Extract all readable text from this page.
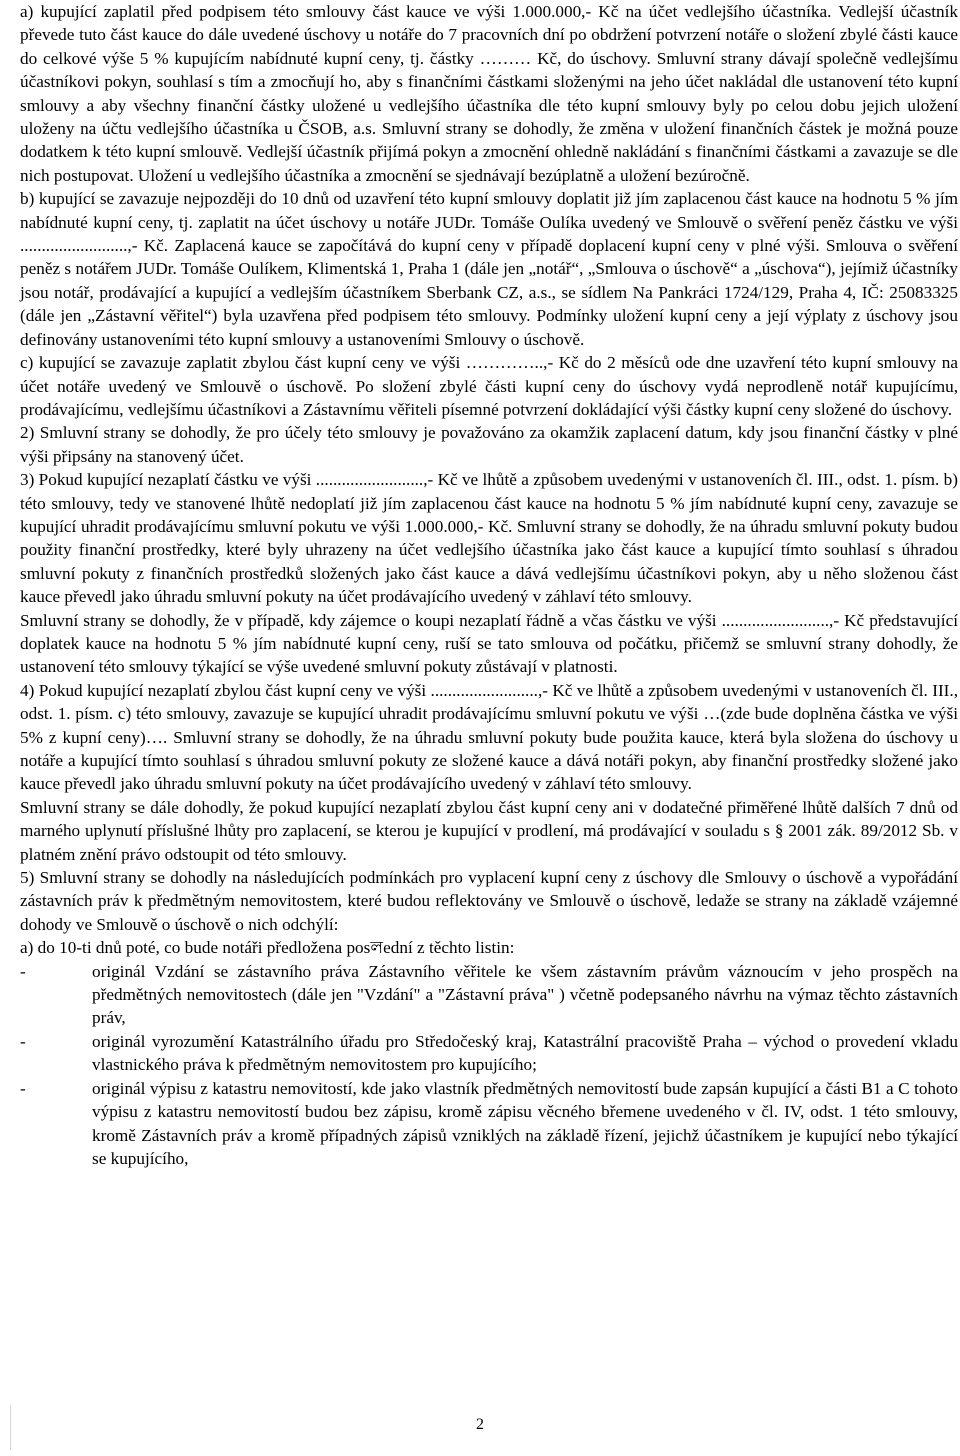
a) kupující zaplatil před podpisem této smlouvy část kauce ve výši 1.000.000,- Kč na účet vedlejšího účastníka. Vedlejší účastník převede tuto část kauce do dále uvedené úschovy u notáře do 7 pracovních dní po obdržení potvrzení notáře o složení zbylé části kauce do celkové výše 5 % kupujícím nabídnuté kupní ceny, tj. částky ……… Kč, do úschovy. Smluvní strany dávají společně vedlejšímu účastníkovi pokyn, souhlasí s tím a zmocňují ho, aby s finančními částkami složenými na jeho účet nakládal dle ustanovení této kupní smlouvy a aby všechny finanční částky uložené u vedlejšího účastníka dle této kupní smlouvy byly po celou dobu jejich uložení uloženy na účtu vedlejšího účastníka u ČSOB, a.s. Smluvní strany se dohodly, že změna v uložení finančních částek je možná pouze dodatkem k této kupní smlouvě. Vedlejší účastník přijímá pokyn a zmocnění ohledně nakládání s finančními částkami a zavazuje se dle nich postupovat. Uložení u vedlejšího účastníka a zmocnění se sjednávají bezúplatně a uložení bezúročně.

b) kupující se zavazuje nejpozději do 10 dnů od uzavření této kupní smlouvy doplatit již jím zaplacenou část kauce na hodnotu 5 % jím nabídnuté kupní ceny, tj. zaplatit na účet úschovy u notáře JUDr. Tomáše Oulíka uvedený ve Smlouvě o svěření peněz částku ve výši .........................,- Kč. Zaplacená kauce se započítává do kupní ceny v případě doplacení kupní ceny v plné výši. Smlouva o svěření peněz s notářem JUDr. Tomáše Oulíkem, Klimentská 1, Praha 1 (dále jen „notář“, „Smlouva o úschově“ a „úschova“), jejímiž účastníky jsou notář, prodávající a kupující a vedlejším účastníkem Sberbank CZ, a.s., se sídlem Na Pankráci 1724/129, Praha 4, IČ: 25083325 (dále jen „Zástavní věřitel“) byla uzavřena před podpisem této smlouvy. Podmínky uložení kupní ceny a její výplaty z úschovy jsou definovány ustanoveními této kupní smlouvy a ustanoveními Smlouvy o úschově.

c) kupující se zavazuje zaplatit zbylou část kupní ceny ve výši …………..,- Kč do 2 měsíců ode dne uzavření této kupní smlouvy na účet notáře uvedený ve Smlouvě o úschově. Po složení zbylé části kupní ceny do úschovy vydá neprodleně notář kupujícímu, prodávajícímu, vedlejšímu účastníkovi a Zástavnímu věřiteli písemné potvrzení dokládající výši částky kupní ceny složené do úschovy.

2) Smluvní strany se dohodly, že pro účely této smlouvy je považováno za okamžik zaplacení datum, kdy jsou finanční částky v plné výši připsány na stanovený účet.

3) Pokud kupující nezaplatí částku ve výši .........................,- Kč ve lhůtě a způsobem uvedenými v ustanoveních čl. III., odst. 1. písm. b) této smlouvy, tedy ve stanovené lhůtě nedoplatí již jím zaplacenou část kauce na hodnotu 5 % jím nabídnuté kupní ceny, zavazuje se kupující uhradit prodávajícímu smluvní pokutu ve výši 1.000.000,- Kč. Smluvní strany se dohodly, že na úhradu smluvní pokuty budou použity finanční prostředky, které byly uhrazeny na účet vedlejšího účastníka jako část kauce a kupující tímto souhlasí s úhradou smluvní pokuty z finančních prostředků složených jako část kauce a dává vedlejšímu účastníkovi pokyn, aby u něho složenou část kauce převedl jako úhradu smluvní pokuty na účet prodávajícího uvedený v záhlaví této smlouvy.

Smluvní strany se dohodly, že v případě, kdy zájemce o koupi nezaplatí řádně a včas částku ve výši .........................,- Kč představující doplatek kauce na hodnotu 5 % jím nabídnuté kupní ceny, ruší se tato smlouva od počátku, přičemž se smluvní strany dohodly, že ustanovení této smlouvy týkající se výše uvedené smluvní pokuty zůstávají v platnosti.

4) Pokud kupující nezaplatí zbylou část kupní ceny ve výši .........................,- Kč ve lhůtě a způsobem uvedenými v ustanoveních čl. III., odst. 1. písm. c) této smlouvy, zavazuje se kupující uhradit prodávajícímu smluvní pokutu ve výši …(zde bude doplněna částka ve výši 5% z kupní ceny)…. Smluvní strany se dohodly, že na úhradu smluvní pokuty bude použita kauce, která byla složena do úschovy u notáře a kupující tímto souhlasí s úhradou smluvní pokuty ze složené kauce a dává notáři pokyn, aby finanční prostředky složené jako kauce převedl jako úhradu smluvní pokuty na účet prodávajícího uvedený v záhlaví této smlouvy.

Smluvní strany se dále dohodly, že pokud kupující nezaplatí zbylou část kupní ceny ani v dodatečné přiměřené lhůtě dalších 7 dnů od marného uplynutí příslušné lhůty pro zaplacení, se kterou je kupující v prodlení, má prodávající v souladu s § 2001 zák. 89/2012 Sb. v platném znění právo odstoupit od této smlouvy.

5) Smluvní strany se dohodly na následujících podmínkách pro vyplacení kupní ceny z úschovy dle Smlouvy o úschově a vypořádání zástavních práv k předmětným nemovitostem, které budou reflektovány ve Smlouvě o úschově, ledaže se strany na základě vzájemné dohody ve Smlouvě o úschově o nich odchýlí:

a) do 10-ti dnů poté, co bude notáři předložena posলední z těchto listin:

-	originál Vzdání se zástavního práva Zástavního věřitele ke všem zástavním právům váznoucím v jeho prospěch na předmětných nemovitostech (dále jen "Vzdání" a "Zástavní práva" ) včetně podepsaného návrhu na výmaz těchto zástavních práv,
-	originál vyrozumění Katastrálního úřadu pro Středočeský kraj, Katastrální pracoviště Praha – východ o provedení vkladu vlastnického práva k předmětným nemovitostem pro kupujícího;
-	originál výpisu z katastru nemovitostí, kde jako vlastník předmětných nemovitostí bude zapsán kupující a části B1 a C tohoto výpisu z katastru nemovitostí budou bez zápisu, kromě zápisu věcného břemene uvedeného v čl. IV, odst. 1 této smlouvy, kromě Zástavních práv a kromě případných zápisů vzniklých na základě řízení, jejichž účastníkem je kupující nebo týkající se kupujícího,
2
